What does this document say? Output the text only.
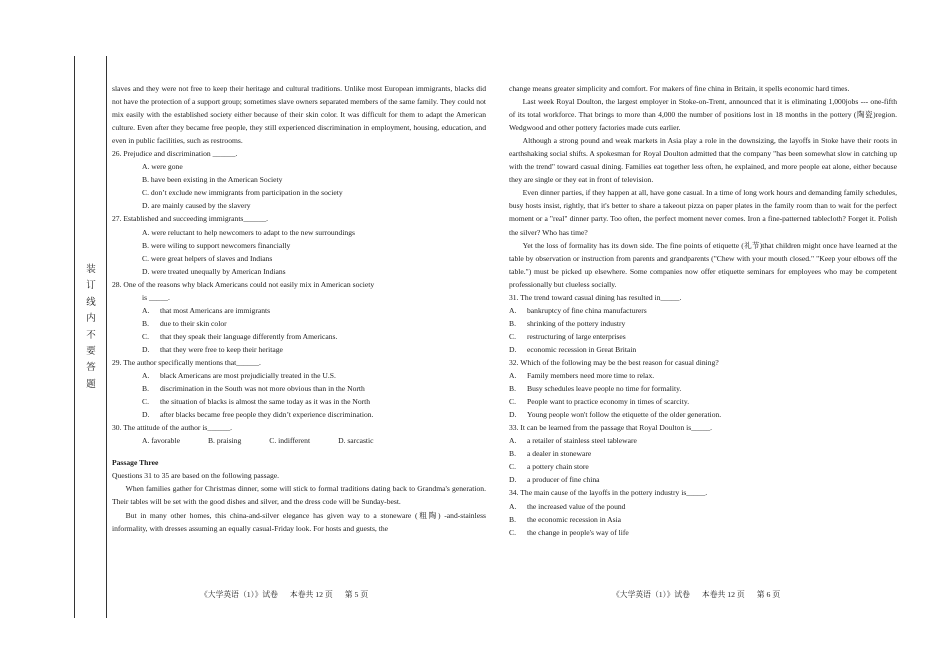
装
订
线
内
不
要
答
题

slaves and they were not free to keep their heritage and cultural traditions. Unlike most European immigrants, blacks did not have the protection of a support group; sometimes slave owners separated members of the same family. They could not mix easily with the established society either because of their skin color. It was difficult for them to adapt the American culture. Even after they became free people, they still experienced discrimination in employment, housing, education, and even in public facilities, such as restrooms.

26. Prejudice and discrimination ______.

A. were gone

B. have been existing in the American Society

C. don’t exclude new immigrants from participation in the society

D. are mainly caused by the slavery

27. Established and succeeding immigrants______.

A. were reluctant to help newcomers to adapt to the new surroundings

B. were wiling to support newcomers financially

C. were great helpers of slaves and Indians

D. were treated unequally by American Indians

28. One of the reasons why black Americans could not easily mix in American society

is _____.

A. that most Americans are immigrants

B. due to their skin color

C. that they speak their language differently from Americans.

D. that they were free to keep their heritage

29. The author specifically mentions that______.

A. black Americans are most prejudicially treated in the U.S.

B. discrimination in the South was not more obvious than in the North

C. the situation of blacks is almost the same today as it was in the North

D. after blacks became free people they didn’t experience discrimination.

30. The attitude of the author is______.

A. favorable	B. praising	C. indifferent	D. sarcastic

Passage Three

Questions 31 to 35 are based on the following passage.

When families gather for Christmas dinner, some will stick to formal traditions dating back to Grandma's generation. Their tables will be set with the good dishes and silver, and the dress code will be Sunday-best.

But in many other homes, this china-and-silver elegance has given way to a stoneware (粗陶) -and-stainless informality, with dresses assuming an equally casual-Friday look. For hosts and guests, the

《大学英语（1）》试卷 本卷共 12 页 第 5 页

change means greater simplicity and comfort. For makers of fine china in Britain, it spells economic hard times.

Last week Royal Doulton, the largest employer in Stoke-on-Trent, announced that it is eliminating 1,000jobs --- one-fifth of its total workforce. That brings to more than 4,000 the number of positions lost in 18 months in the pottery (陶瓷)region. Wedgwood and other pottery factories made cuts earlier.

Although a strong pound and weak markets in Asia play a role in the downsizing, the layoffs in Stoke have their roots in earthshaking social shifts. A spokesman for Royal Doulton admitted that the company "has been somewhat slow in catching up with the trend" toward casual dining. Families eat together less often, he explained, and more people eat alone, either because they are single or they eat in front of television.

Even dinner parties, if they happen at all, have gone casual. In a time of long work hours and demanding family schedules, busy hosts insist, rightly, that it's better to share a takeout pizza on paper plates in the family room than to wait for the perfect moment or a "real" dinner party. Too often, the perfect moment never comes. Iron a fine-patterned tablecloth? Forget it. Polish the silver? Who has time?

Yet the loss of formality has its down side. The fine points of etiquette (礼节)that children might once have learned at the table by observation or instruction from parents and grandparents ("Chew with your mouth closed." "Keep your elbows off the table.") must be picked up elsewhere. Some companies now offer etiquette seminars for employees who may be competent professionally but clueless socially.

31. The trend toward casual dining has resulted in_____.

A. bankruptcy of fine china manufacturers

B. shrinking of the pottery industry

C. restructuring of large enterprises

D. economic recession in Great Britain

32. Which of the following may be the best reason for casual dining?

A. Family members need more time to relax.

B. Busy schedules leave people no time for formality.

C. People want to practice economy in times of scarcity.

D. Young people won't follow the etiquette of the older generation.

33. It can be learned from the passage that Royal Doulton is_____.

A. a retailer of stainless steel tableware

B. a dealer in stoneware

C. a pottery chain store

D. a producer of fine china

34. The main cause of the layoffs in the pottery industry is_____.

A. the increased value of the pound

B. the economic recession in Asia

C. the change in people's way of life

《大学英语（1）》试卷 本卷共 12 页 第 6 页
